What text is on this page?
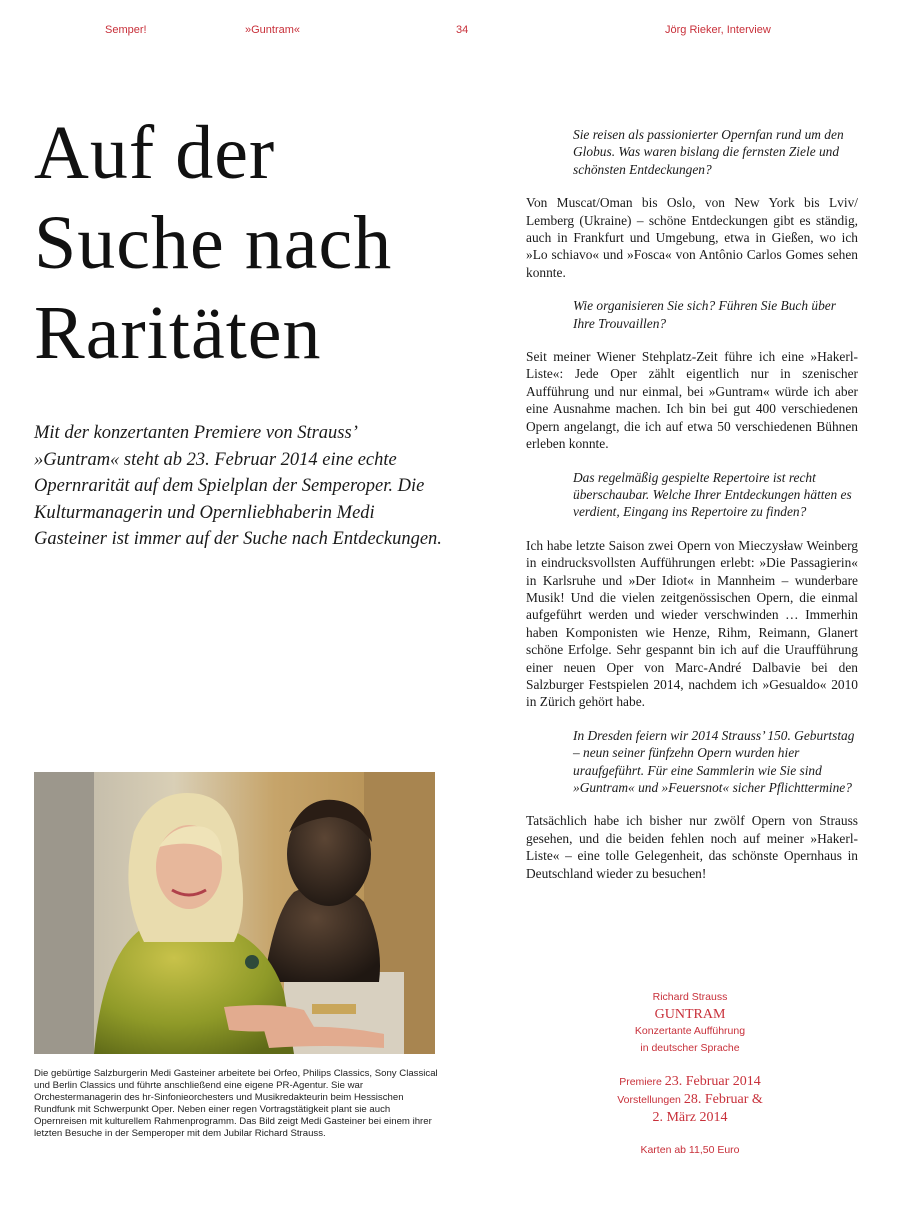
Semper!	»Guntram«	34	Jörg Rieker, Interview
Auf der
Suche nach
Raritäten

Mit der konzertanten Premiere von Strauss’ »Guntram« steht ab 23. Februar 2014 eine echte Opernrarität auf dem Spielplan der Semperoper. Die Kulturmanagerin und Opernliebhaberin Medi Gasteiner ist immer auf der Suche nach Entdeckungen.

Die gebürtige Salzburgerin Medi Gasteiner arbeitete bei Orfeo, Philips Classics, Sony Classical und Berlin Classics und führte anschließend eine eigene PR-Agentur. Sie war Orchestermanagerin des hr-Sinfonieorchesters und Musikredakteurin beim Hessischen Rundfunk mit Schwerpunkt Oper. Neben einer regen Vortragstätigkeit plant sie auch Opernreisen mit kulturellem Rahmenprogramm. Das Bild zeigt Medi Gasteiner bei einem ihrer letzten Besuche in der Semperoper mit dem Jubilar Richard Strauss.

Sie reisen als passionierter Opernfan rund um den Globus. Was waren bislang die fernsten Ziele und schönsten Entdeckungen?

Von Muscat/Oman bis Oslo, von New York bis Lviv/ Lemberg (Ukraine) – schöne Entdeckungen gibt es ständig, auch in Frankfurt und Umgebung, etwa in Gießen, wo ich »Lo schiavo« und »Fosca« von Antônio Carlos Gomes sehen konnte.

Wie organisieren Sie sich? Führen Sie Buch über Ihre Trouvaillen?

Seit meiner Wiener Stehplatz-Zeit führe ich eine »Hakerl-Liste«: Jede Oper zählt eigentlich nur in szenischer Aufführung und nur einmal, bei »Guntram« würde ich aber eine Ausnahme machen. Ich bin bei gut 400 verschiedenen Opern angelangt, die ich auf etwa 50 verschiedenen Bühnen erleben konnte.

Das regelmäßig gespielte Repertoire ist recht überschaubar. Welche Ihrer Entdeckungen hätten es verdient, Eingang ins Repertoire zu finden?

Ich habe letzte Saison zwei Opern von Mieczysław Weinberg in eindrucksvollsten Aufführungen erlebt: »Die Passagierin« in Karlsruhe und »Der Idiot« in Mannheim – wunderbare Musik! Und die vielen zeitgenössischen Opern, die einmal aufgeführt werden und wieder verschwinden … Immerhin haben Komponisten wie Henze, Rihm, Reimann, Glanert schöne Erfolge. Sehr gespannt bin ich auf die Uraufführung einer neuen Oper von Marc-André Dalbavie bei den Salzburger Festspielen 2014, nachdem ich »Gesualdo« 2010 in Zürich gehört habe.

In Dresden feiern wir 2014 Strauss’ 150. Geburtstag – neun seiner fünfzehn Opern wurden hier uraufgeführt. Für eine Sammlerin wie Sie sind »Guntram« und »Feuersnot« sicher Pflichttermine?

Tatsächlich habe ich bisher nur zwölf Opern von Strauss gesehen, und die beiden fehlen noch auf meiner »Hakerl-Liste« – eine tolle Gelegenheit, das schönste Opernhaus in Deutschland wieder zu besuchen!

Richard Strauss
GUNTRAM
Konzertante Aufführung
in deutscher Sprache
Premiere 23. Februar 2014
Vorstellungen 28. Februar &
2. März 2014
Karten ab 11,50 Euro
